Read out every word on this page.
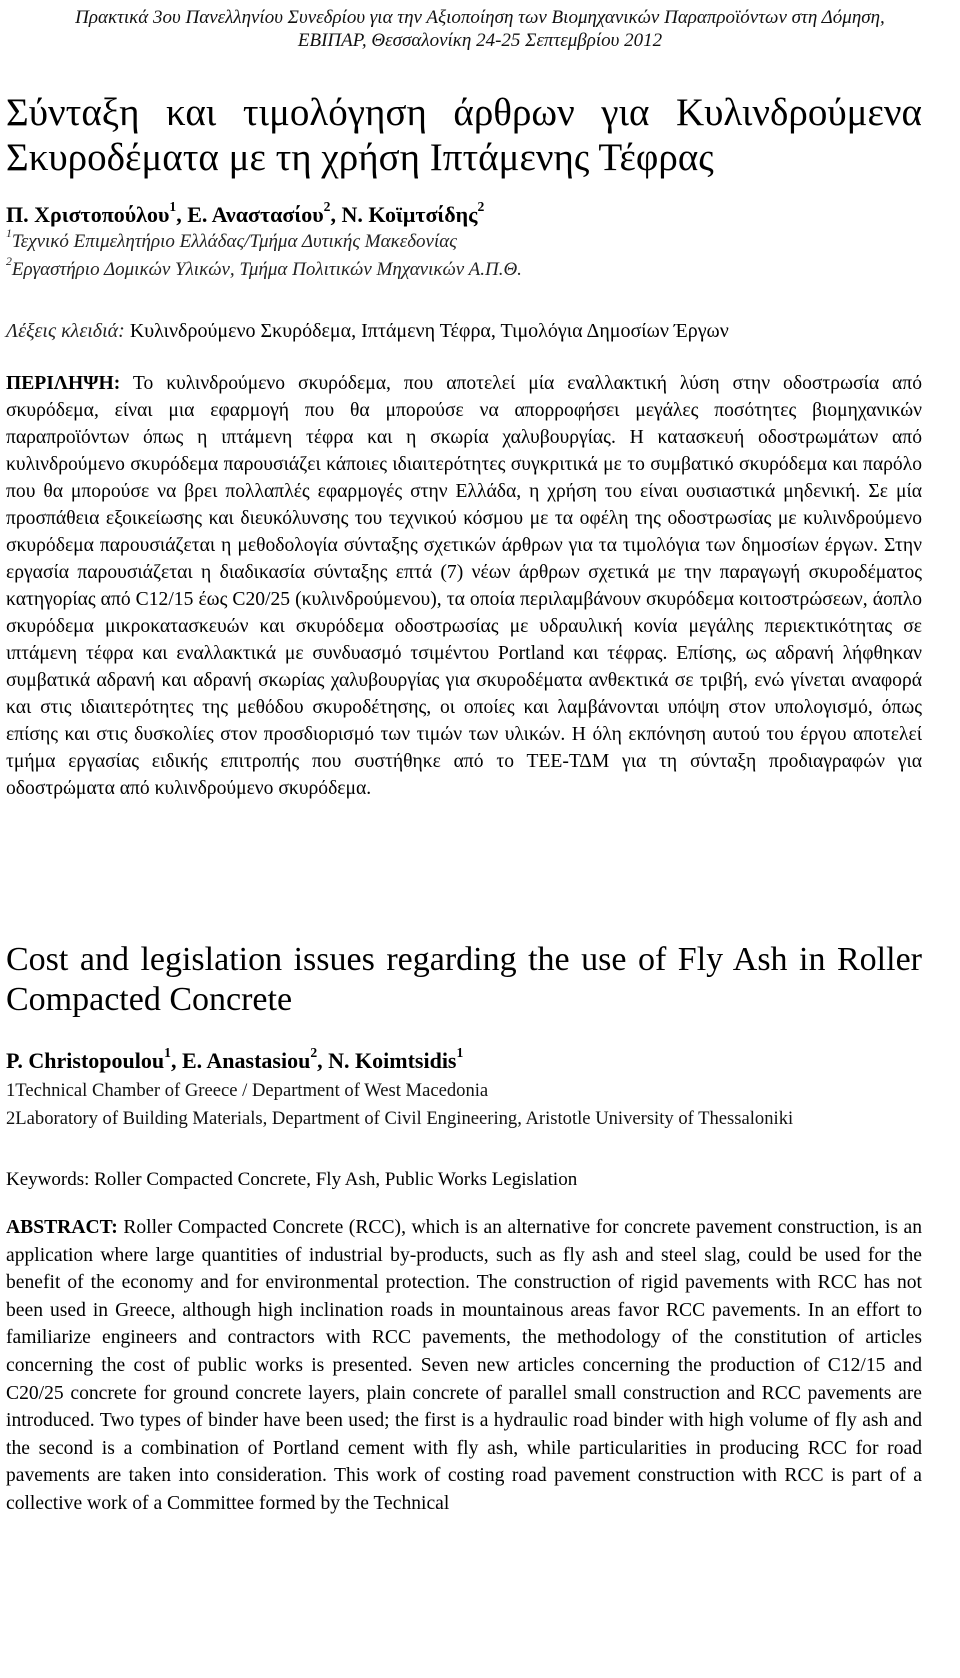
Πρακτικά 3ου Πανελληνίου Συνεδρίου για την Αξιοποίηση των Βιομηχανικών Παραπροϊόντων στη Δόμηση,
ΕΒΙΠΑΡ, Θεσσαλονίκη 24-25 Σεπτεμβρίου 2012
Σύνταξη και τιμολόγηση άρθρων για Κυλινδρούμενα Σκυροδέματα με τη χρήση Ιπτάμενης Τέφρας
Π. Χριστοπούλου$^1$, Ε. Αναστασίου$^2$, Ν. Κοϊμτσίδης$^2$
$^1$Τεχνικό Επιμελητήριο Ελλάδας/Τμήμα Δυτικής Μακεδονίας
$^2$Εργαστήριο Δομικών Υλικών, Τμήμα Πολιτικών Μηχανικών Α.Π.Θ.
Λέξεις κλειδιά: Κυλινδρούμενο Σκυρόδεμα, Ιπτάμενη Τέφρα, Τιμολόγια Δημοσίων Έργων

ΠΕΡΙΛΗΨΗ: Το κυλινδρούμενο σκυρόδεμα, που αποτελεί μία εναλλακτική λύση στην οδοστρωσία από σκυρόδεμα, είναι μια εφαρμογή που θα μπορούσε να απορροφήσει μεγάλες ποσότητες βιομηχανικών παραπροϊόντων όπως η ιπτάμενη τέφρα και η σκωρία χαλυβουργίας. Η κατασκευή οδοστρωμάτων από κυλινδρούμενο σκυρόδεμα παρουσιάζει κάποιες ιδιαιτερότητες συγκριτικά με το συμβατικό σκυρόδεμα και παρόλο που θα μπορούσε να βρει πολλαπλές εφαρμογές στην Ελλάδα, η χρήση του είναι ουσιαστικά μηδενική. Σε μία προσπάθεια εξοικείωσης και διευκόλυνσης του τεχνικού κόσμου με τα οφέλη της οδοστρωσίας με κυλινδρούμενο σκυρόδεμα παρουσιάζεται η μεθοδολογία σύνταξης σχετικών άρθρων για τα τιμολόγια των δημοσίων έργων. Στην εργασία παρουσιάζεται η διαδικασία σύνταξης επτά (7) νέων άρθρων σχετικά με την παραγωγή σκυροδέματος κατηγορίας από C12/15 έως C20/25 (κυλινδρούμενου), τα οποία περιλαμβάνουν σκυρόδεμα κοιτοστρώσεων, άοπλο σκυρόδεμα μικροκατασκευών και σκυρόδεμα οδοστρωσίας με υδραυλική κονία μεγάλης περιεκτικότητας σε ιπτάμενη τέφρα και εναλλακτικά με συνδυασμό τσιμέντου Portland και τέφρας. Επίσης, ως αδρανή λήφθηκαν συμβατικά αδρανή και αδρανή σκωρίας χαλυβουργίας για σκυροδέματα ανθεκτικά σε τριβή, ενώ γίνεται αναφορά και στις ιδιαιτερότητες της μεθόδου σκυροδέτησης, οι οποίες και λαμβάνονται υπόψη στον υπολογισμό, όπως επίσης και στις δυσκολίες στον προσδιορισμό των τιμών των υλικών. Η όλη εκπόνηση αυτού του έργου αποτελεί τμήμα εργασίας ειδικής επιτροπής που συστήθηκε από το ΤΕΕ-ΤΔΜ για τη σύνταξη προδιαγραφών για οδοστρώματα από κυλινδρούμενο σκυρόδεμα.

Cost and legislation issues regarding the use of Fly Ash in Roller Compacted Concrete
P. Christopoulou$^1$, E. Anastasiou$^2$, N. Koimtsidis$^1$
1Technical Chamber of Greece / Department of West Macedonia
2Laboratory of Building Materials, Department of Civil Engineering, Aristotle University of Thessaloniki
Keywords: Roller Compacted Concrete, Fly Ash, Public Works Legislation

ABSTRACT: Roller Compacted Concrete (RCC), which is an alternative for concrete pavement construction, is an application where large quantities of industrial by-products, such as fly ash and steel slag, could be used for the benefit of the economy and for environmental protection. The construction of rigid pavements with RCC has not been used in Greece, although high inclination roads in mountainous areas favor RCC pavements. In an effort to familiarize engineers and contractors with RCC pavements, the methodology of the constitution of articles concerning the cost of public works is presented. Seven new articles concerning the production of C12/15 and C20/25 concrete for ground concrete layers, plain concrete of parallel small construction and RCC pavements are introduced. Two types of binder have been used; the first is a hydraulic road binder with high volume of fly ash and the second is a combination of Portland cement with fly ash, while particularities in producing RCC for road pavements are taken into consideration. This work of costing road pavement construction with RCC is part of a collective work of a Committee formed by the Technical
